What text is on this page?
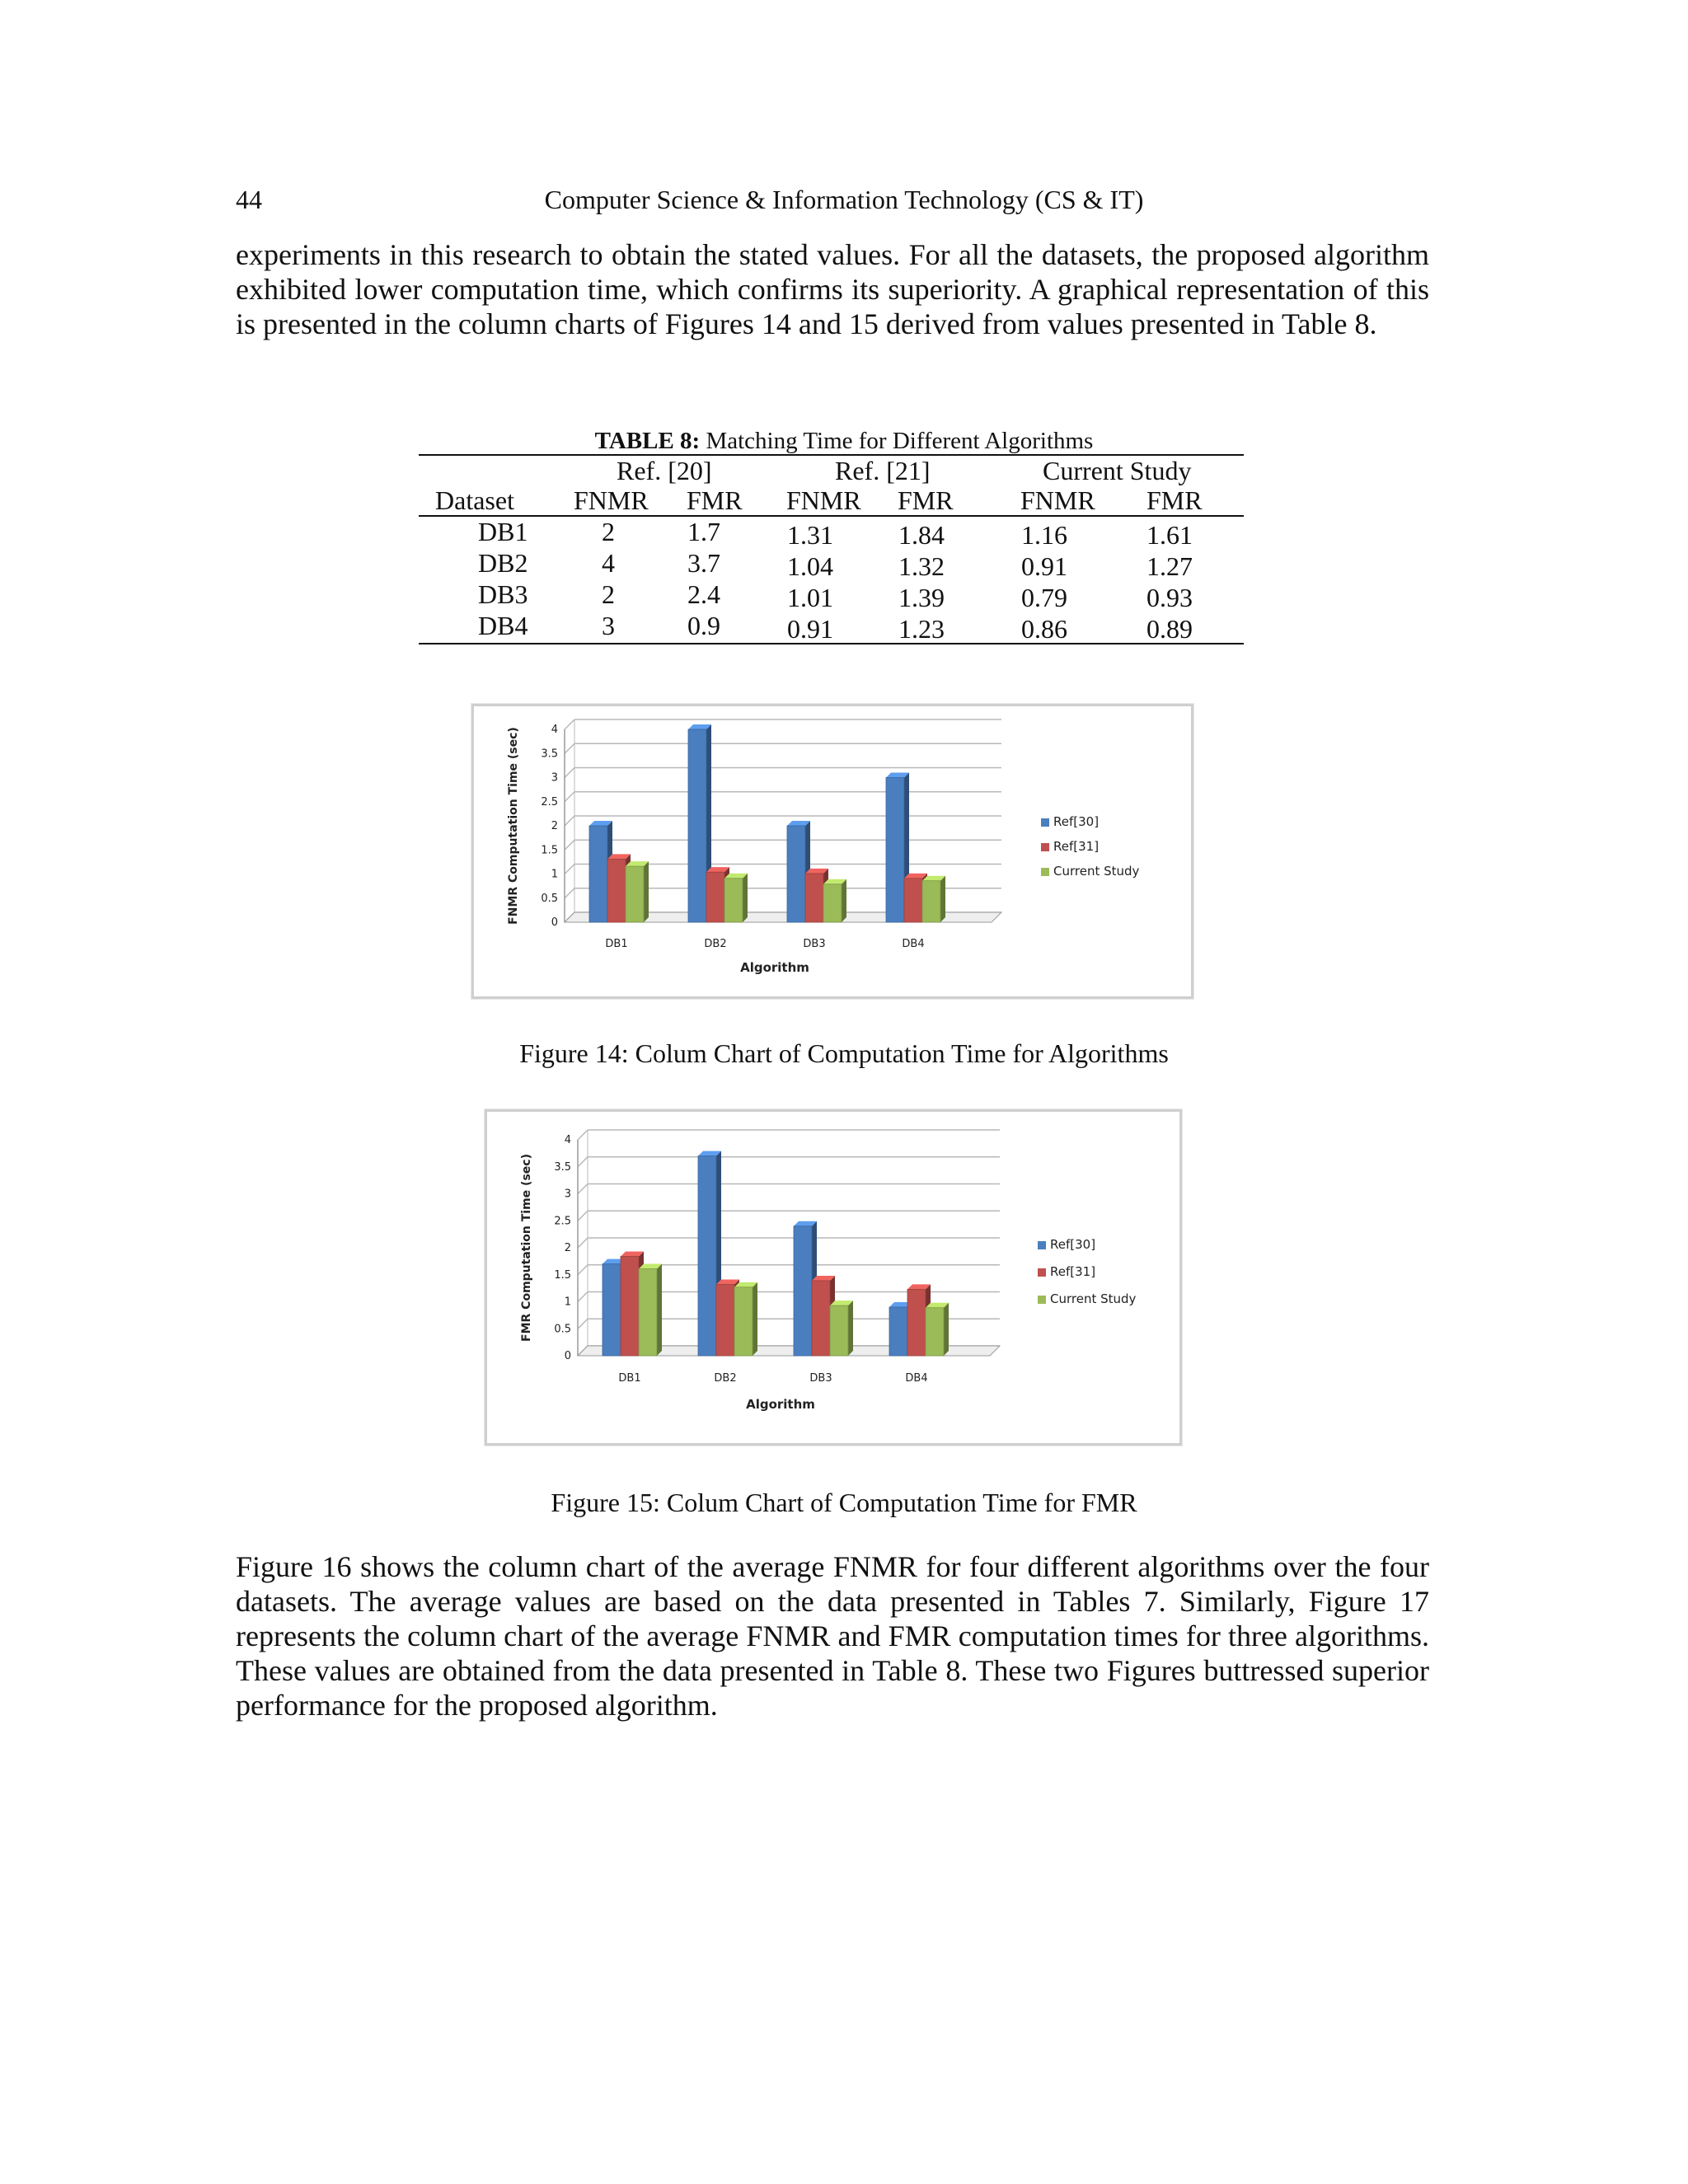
44	Computer Science & Information Technology (CS & IT)
experiments in this research to obtain the stated values. For all the datasets, the proposed algorithm exhibited lower computation time, which confirms its superiority. A graphical representation of this is presented in the column charts of Figures 14 and 15 derived from values presented in Table 8.
TABLE 8: Matching Time for Different Algorithms
Ref. [20]	Ref. [21]	Current Study
Dataset FNMR FMR FNMR FMR	FNMR FMR
DB1	2	1.7	1.31 1.84	1.16	1.61
DB2	4	3.7	1.04 1.32	0.91	1.27
DB3	2	2.4	1.01 1.39	0.79	0.93
DB4	3	0.9	0.91 1.23	0.86	0.89
0
0.5
1
1.5
2
2.5
3
3.5
4
DB1	DB2	DB3	DB4
Algorithm
FNMR Computation Time (sec)	Ref[30]
Ref[31]
Current Study
Figure 14: Colum Chart of Computation Time for Algorithms
0
0.5
1
1.5
2
2.5
3
3.5
4
DB1	DB2	DB3	DB4
Algorithm
FMR Computation Time (sec)	Ref[30]
Ref[31]
Current Study
Figure 15: Colum Chart of Computation Time for FMR
Figure 16 shows the column chart of the average FNMR for four different algorithms over the four datasets. The average values are based on the data presented in Tables 7. Similarly, Figure 17 represents the column chart of the average FNMR and FMR computation times for three algorithms. These values are obtained from the data presented in Table 8. These two Figures buttressed superior performance for the proposed algorithm.
